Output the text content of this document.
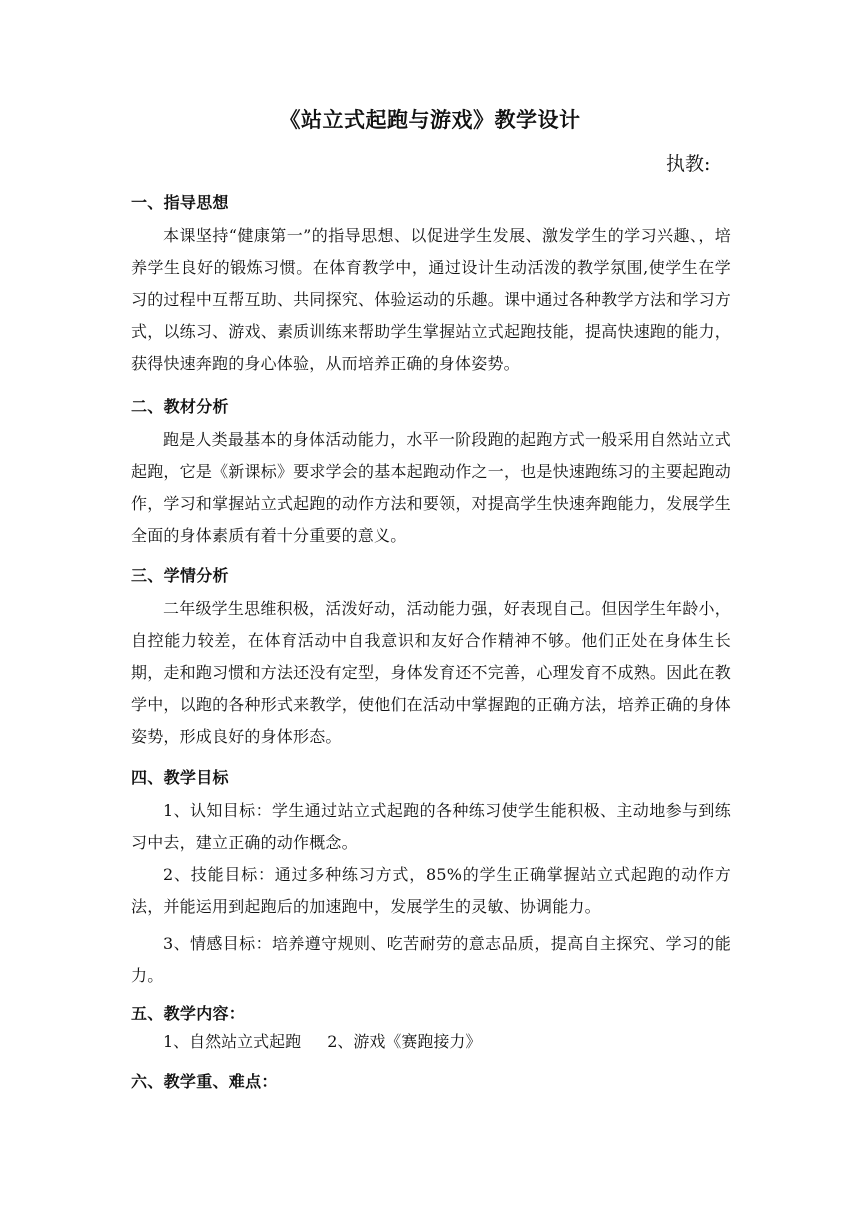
《站立式起跑与游戏》教学设计
执教:
一、指导思想
本课坚持“健康第一”的指导思想、以促进学生发展、激发学生的学习兴趣、，培养学生良好的锻炼习惯。在体育教学中，通过设计生动活泼的教学氛围,使学生在学习的过程中互帮互助、共同探究、体验运动的乐趣。课中通过各种教学方法和学习方式，以练习、游戏、素质训练来帮助学生掌握站立式起跑技能，提高快速跑的能力，获得快速奔跑的身心体验，从而培养正确的身体姿势。
二、教材分析
跑是人类最基本的身体活动能力，水平一阶段跑的起跑方式一般采用自然站立式起跑，它是《新课标》要求学会的基本起跑动作之一，也是快速跑练习的主要起跑动作，学习和掌握站立式起跑的动作方法和要领，对提高学生快速奔跑能力，发展学生全面的身体素质有着十分重要的意义。
三、学情分析
二年级学生思维积极，活泼好动，活动能力强，好表现自己。但因学生年龄小，自控能力较差，在体育活动中自我意识和友好合作精神不够。他们正处在身体生长期，走和跑习惯和方法还没有定型，身体发育还不完善，心理发育不成熟。因此在教学中，以跑的各种形式来教学，使他们在活动中掌握跑的正确方法，培养正确的身体姿势，形成良好的身体形态。
四、教学目标
1、认知目标：学生通过站立式起跑的各种练习使学生能积极、主动地参与到练习中去，建立正确的动作概念。
2、技能目标：通过多种练习方式，85%的学生正确掌握站立式起跑的动作方法，并能运用到起跑后的加速跑中，发展学生的灵敏、协调能力。
3、情感目标：培养遵守规则、吃苦耐劳的意志品质，提高自主探究、学习的能力。
五、教学内容：
1、自然站立式起跑 2、游戏《赛跑接力》
六、教学重、难点：
